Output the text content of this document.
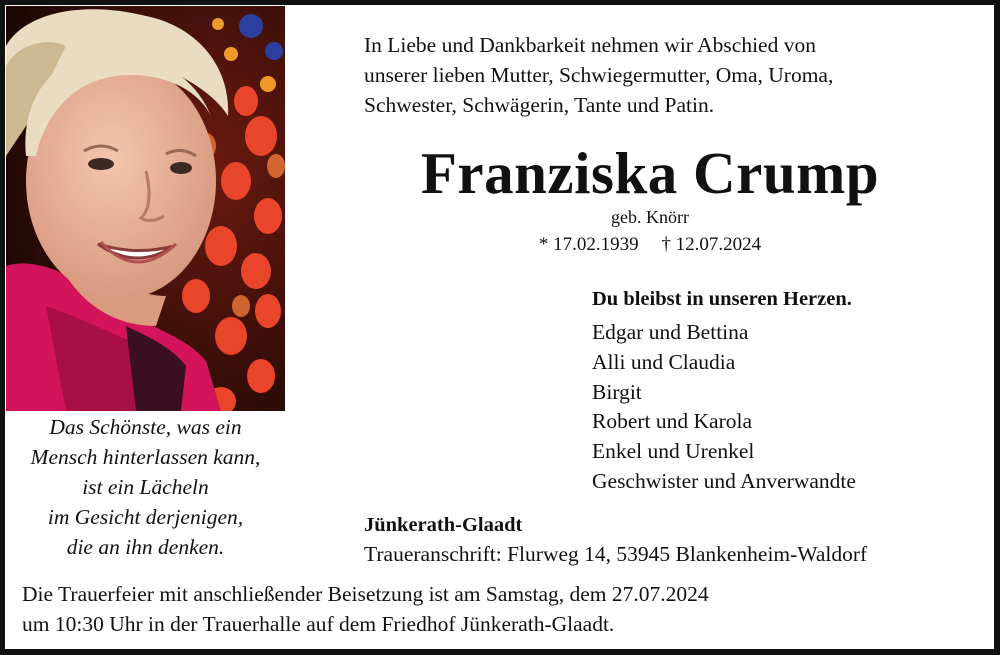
Das Schönste, was ein
Mensch hinterlassen kann,
ist ein Lächeln
im Gesicht derjenigen,
die an ihn denken.
In Liebe und Dankbarkeit nehmen wir Abschied von
unserer lieben Mutter, Schwiegermutter, Oma, Uroma,
Schwester, Schwägerin, Tante und Patin.
Franziska Crump
geb. Knörr
* 17.02.1939 † 12.07.2024
Du bleibst in unseren Herzen.
Edgar und Bettina
Alli und Claudia
Birgit
Robert und Karola
Enkel und Urenkel
Geschwister und Anverwandte
Jünkerath-Glaadt
Traueranschrift: Flurweg 14, 53945 Blankenheim-Waldorf
Die Trauerfeier mit anschließender Beisetzung ist am Samstag, dem 27.07.2024
um 10:30 Uhr in der Trauerhalle auf dem Friedhof Jünkerath-Glaadt.
